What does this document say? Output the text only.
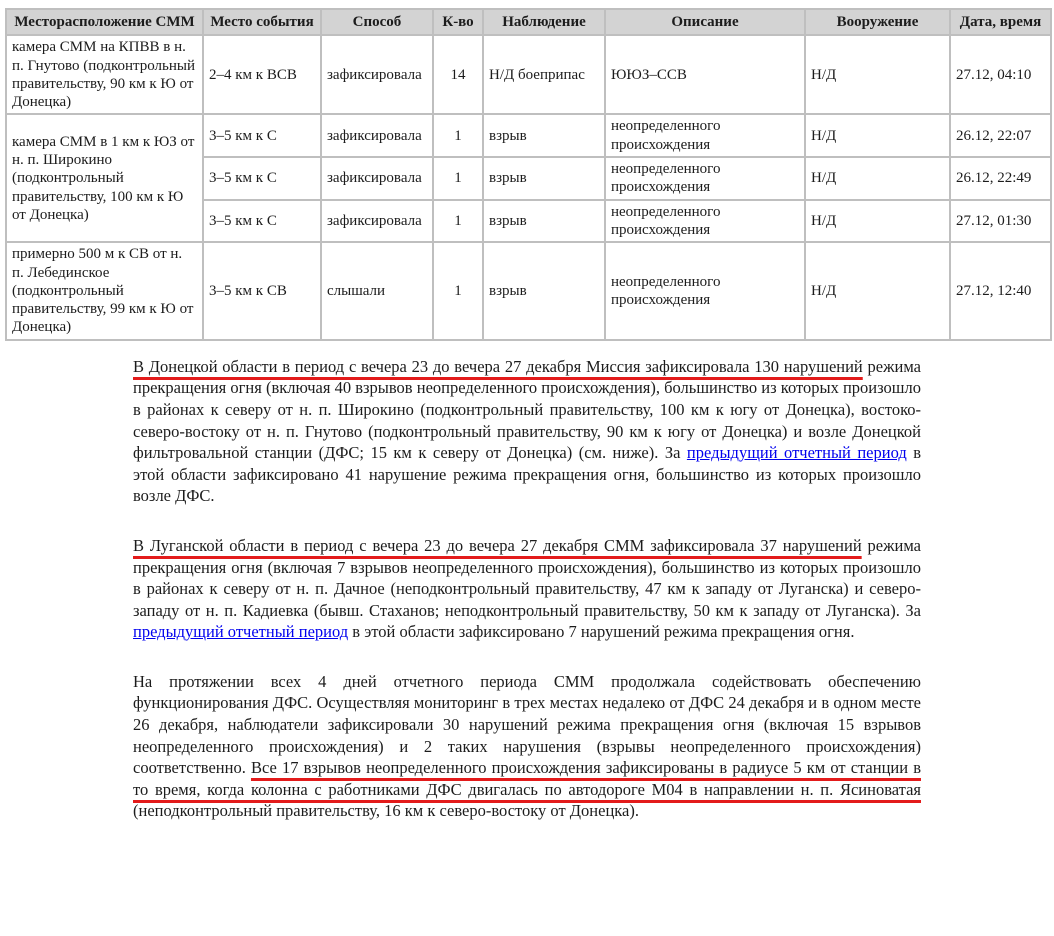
Месторасположение СММ	Место события	Способ	К-во	Наблюдение	Описание	Вооружение	Дата, время
камера СММ на КПВВ в н. п. Гнутово (подконтрольный правительству, 90 км к Ю от Донецка)	2–4 км к ВСВ	зафиксировала	14	Н/Д боеприпас	ЮЮЗ–ССВ	Н/Д	27.12, 04:10
камера СММ в 1 км к ЮЗ от н. п. Широкино (подконтрольный правительству, 100 км к Ю от Донецка)	3–5 км к С	зафиксировала	1	взрыв	неопределенного происхождения	Н/Д	26.12, 22:07
	3–5 км к С	зафиксировала	1	взрыв	неопределенного происхождения	Н/Д	26.12, 22:49
	3–5 км к С	зафиксировала	1	взрыв	неопределенного происхождения	Н/Д	27.12, 01:30
примерно 500 м к СВ от н. п. Лебединское (подконтрольный правительству, 99 км к Ю от Донецка)	3–5 км к СВ	слышали	1	взрыв	неопределенного происхождения	Н/Д	27.12, 12:40

В Донецкой области в период с вечера 23 до вечера 27 декабря Миссия зафиксировала 130 нарушений режима прекращения огня (включая 40 взрывов неопределенного происхождения), большинство из которых произошло в районах к северу от н. п. Широкино (подконтрольный правительству, 100 км к югу от Донецка), востоко-северо-востоку от н. п. Гнутово (подконтрольный правительству, 90 км к югу от Донецка) и возле Донецкой фильтровальной станции (ДФС; 15 км к северу от Донецка) (см. ниже). За предыдущий отчетный период в этой области зафиксировано 41 нарушение режима прекращения огня, большинство из которых произошло возле ДФС.

В Луганской области в период с вечера 23 до вечера 27 декабря СММ зафиксировала 37 нарушений режима прекращения огня (включая 7 взрывов неопределенного происхождения), большинство из которых произошло в районах к северу от н. п. Дачное (неподконтрольный правительству, 47 км к западу от Луганска) и северо-западу от н. п. Кадиевка (бывш. Стаханов; неподконтрольный правительству, 50 км к западу от Луганска). За предыдущий отчетный период в этой области зафиксировано 7 нарушений режима прекращения огня.

На протяжении всех 4 дней отчетного периода СММ продолжала содействовать обеспечению функционирования ДФС. Осуществляя мониторинг в трех местах недалеко от ДФС 24 декабря и в одном месте 26 декабря, наблюдатели зафиксировали 30 нарушений режима прекращения огня (включая 15 взрывов неопределенного происхождения) и 2 таких нарушения (взрывы неопределенного происхождения) соответственно. Все 17 взрывов неопределенного происхождения зафиксированы в радиусе 5 км от станции в то время, когда колонна с работниками ДФС двигалась по автодороге М04 в направлении н. п. Ясиноватая (неподконтрольный правительству, 16 км к северо-востоку от Донецка).
